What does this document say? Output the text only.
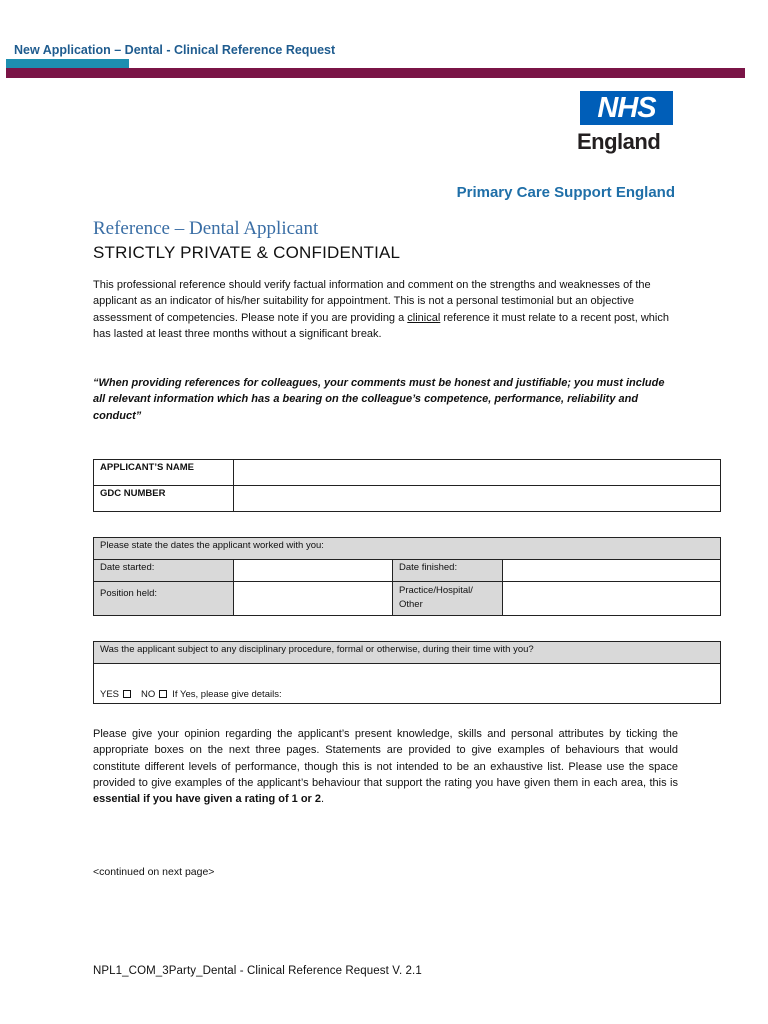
New Application – Dental - Clinical Reference Request
NHS
England
Primary Care Support England
Reference – Dental Applicant
STRICTLY PRIVATE & CONFIDENTIAL
This professional reference should verify factual information and comment on the strengths and weaknesses of the applicant as an indicator of his/her suitability for appointment. This is not a personal testimonial but an objective assessment of competencies. Please note if you are providing a clinical reference it must relate to a recent post, which has lasted at least three months without a significant break.
“When providing references for colleagues, your comments must be honest and justifiable; you must include all relevant information which has a bearing on the colleague’s competence, performance, reliability and conduct”
APPLICANT’S NAME	
GDC NUMBER	
Please state the dates the applicant worked with you:			
Date started:		Date finished:	
Position held:		Practice/Hospital/ Other	
Was the applicant subject to any disciplinary procedure, formal or otherwise, during their time with you?
YES NO If Yes, please give details:
Please give your opinion regarding the applicant’s present knowledge, skills and personal attributes by ticking the appropriate boxes on the next three pages. Statements are provided to give examples of behaviours that would constitute different levels of performance, though this is not intended to be an exhaustive list. Please use the space provided to give examples of the applicant’s behaviour that support the rating you have given them in each area, this is essential if you have given a rating of 1 or 2.
<continued on next page>
NPL1_COM_3Party_Dental - Clinical Reference Request V. 2.1
